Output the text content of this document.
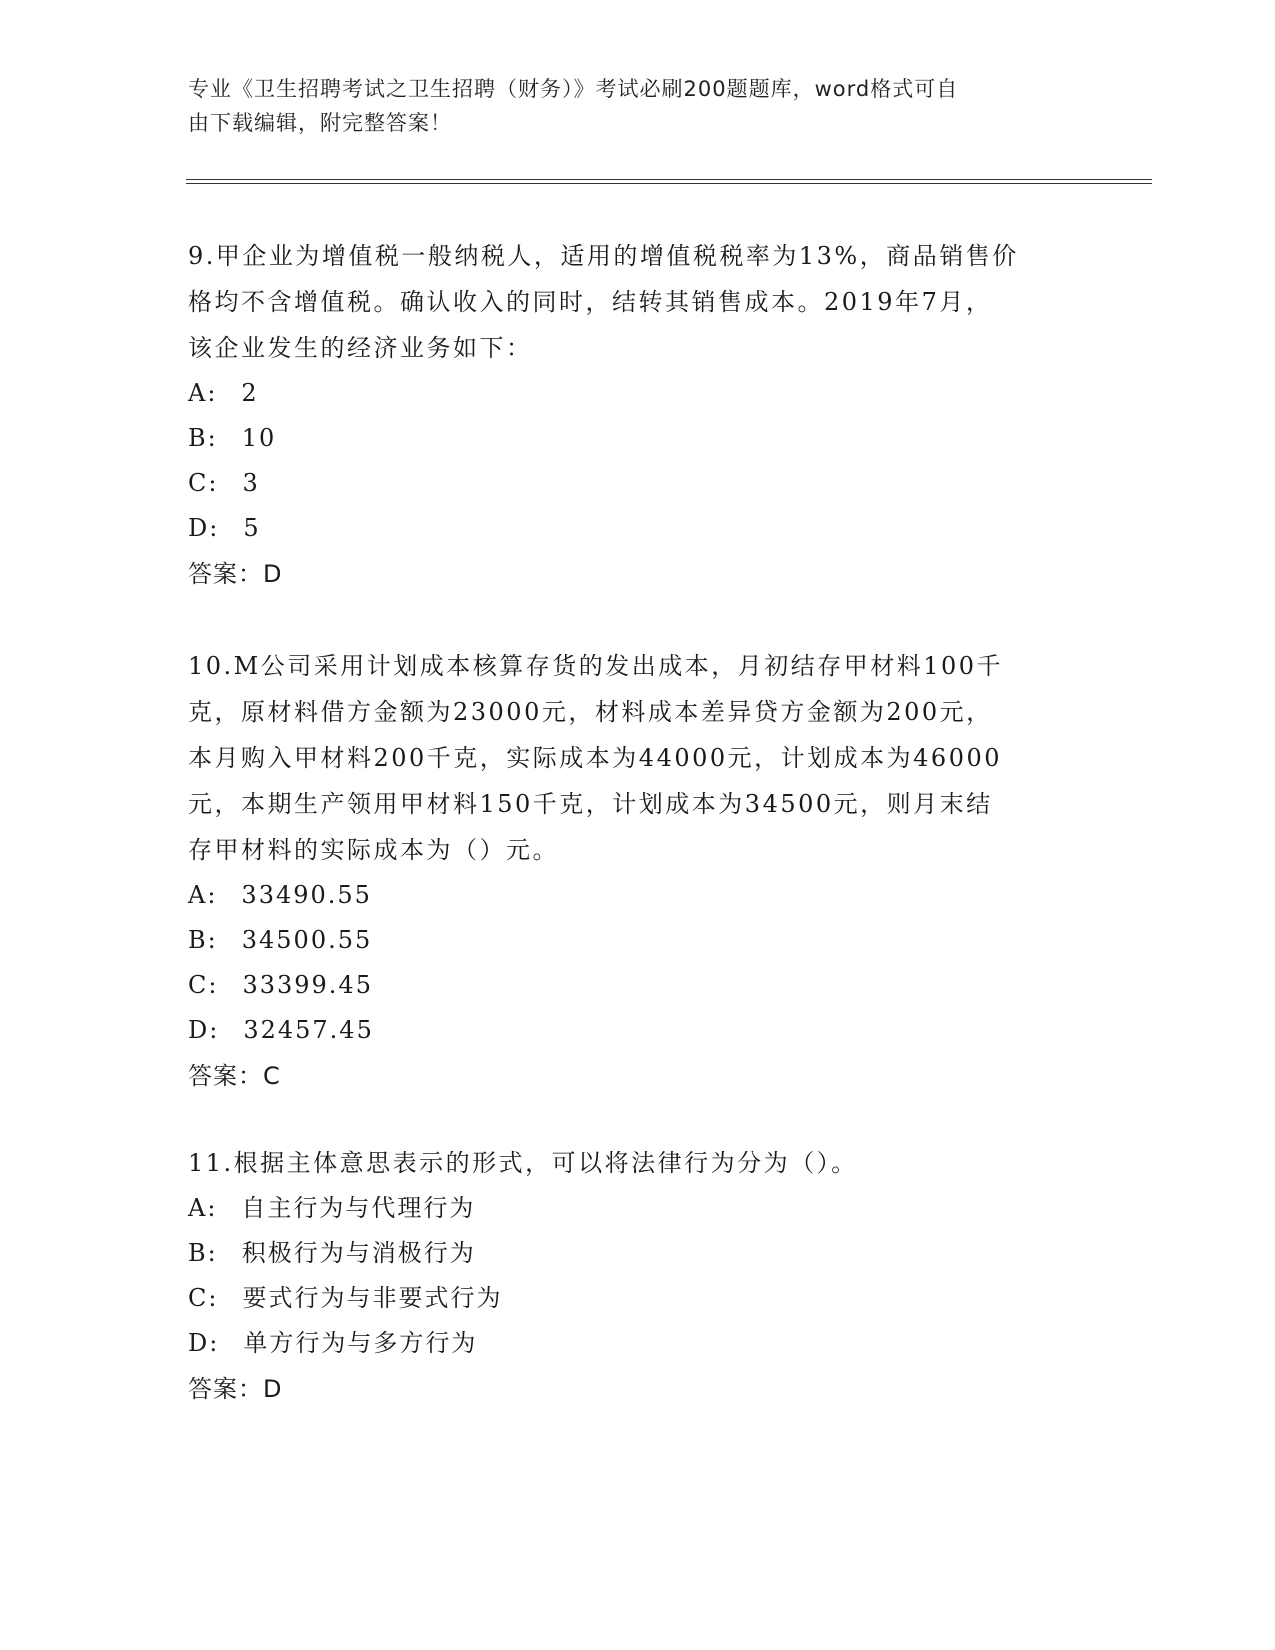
专业《卫生招聘考试之卫生招聘（财务）》考试必刷200题题库，word格式可自
由下载编辑，附完整答案！

9.甲企业为增值税一般纳税人，适用的增值税税率为13%，商品销售价

格均不含增值税。确认收入的同时，结转其销售成本。2019年7月，

该企业发生的经济业务如下：

A: 2

B: 10

C: 3

D: 5

答案：D

10.M公司采用计划成本核算存货的发出成本，月初结存甲材料100千

克，原材料借方金额为23000元，材料成本差异贷方金额为200元，

本月购入甲材料200千克，实际成本为44000元，计划成本为46000

元，本期生产领用甲材料150千克，计划成本为34500元，则月末结

存甲材料的实际成本为（）元。

A: 33490.55

B: 34500.55

C: 33399.45

D: 32457.45

答案：C

11.根据主体意思表示的形式，可以将法律行为分为（）。

A: 自主行为与代理行为

B: 积极行为与消极行为

C: 要式行为与非要式行为

D: 单方行为与多方行为

答案：D
